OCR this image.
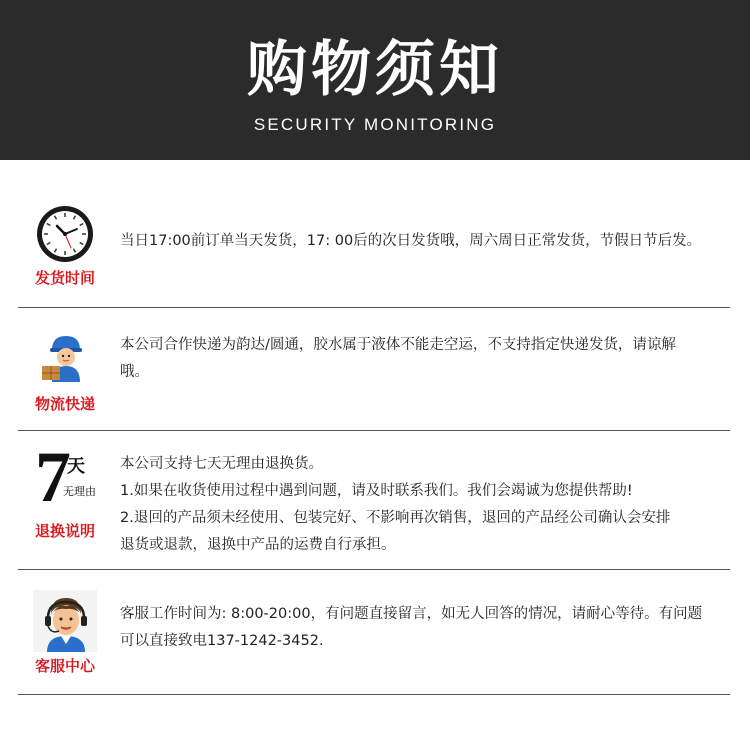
购物须知
SECURITY MONITORING
发货时间

当日17:00前订单当天发货，17: 00后的次日发货哦，周六周日正常发货，节假日节后发。

物流快递

本公司合作快递为韵达/圆通，胶水属于液体不能走空运，不支持指定快递发货，请谅解

哦。

7
天
无理由
退换说明

本公司支持七天无理由退换货。

1.如果在收货使用过程中遇到问题，请及时联系我们。我们会竭诚为您提供帮助!

2.退回的产品须未经使用、包装完好、不影响再次销售，退回的产品经公司确认会安排

退货或退款，退换中产品的运费自行承担。

客服中心

客服工作时间为: 8:00-20:00，有问题直接留言，如无人回答的情况，请耐心等待。有问题

可以直接致电137-1242-3452.
